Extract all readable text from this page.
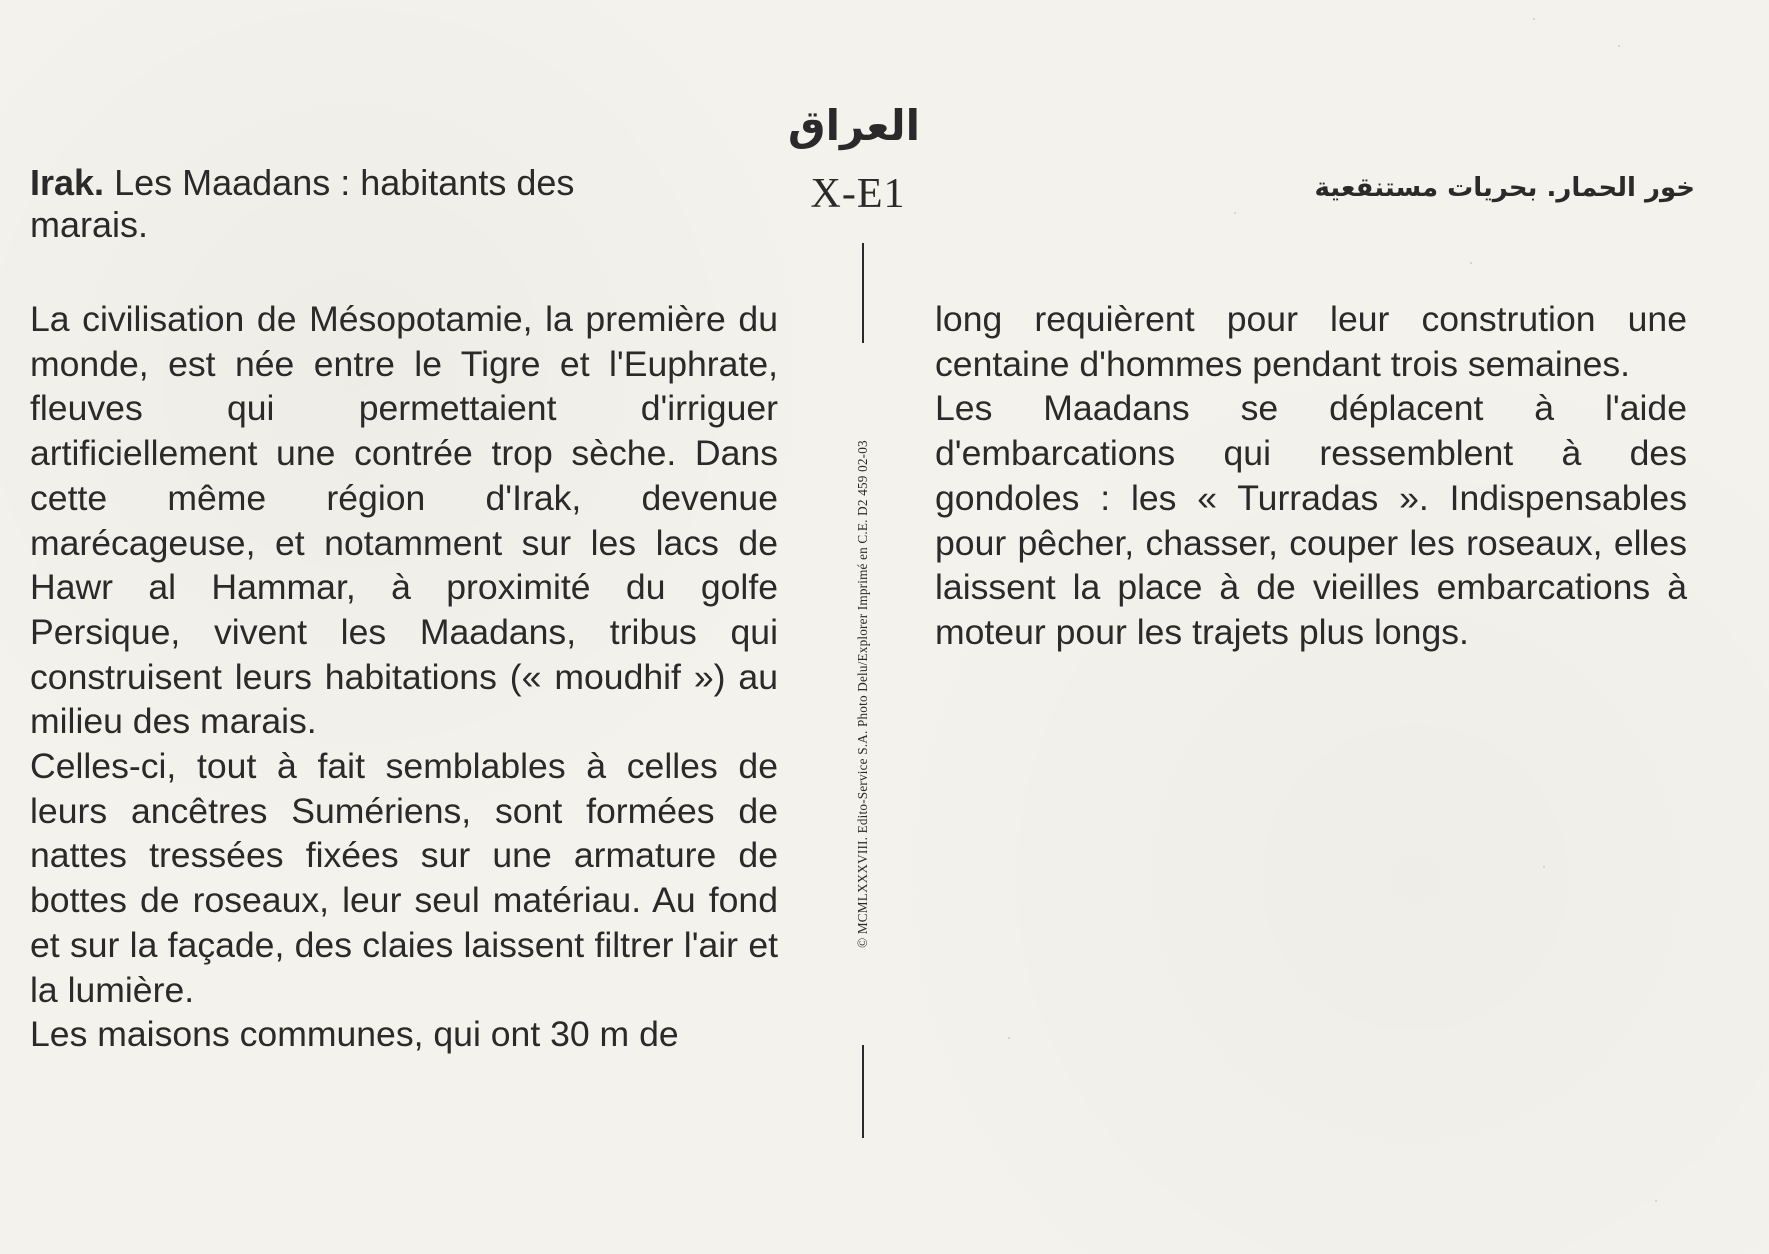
Irak. Les Maadans : habitants des marais.
العراق
X-E1	خور الحمار. بحريات مستنقعية

La civilisation de Mésopotamie, la première du monde, est née entre le Tigre et l'Euphrate, fleuves qui permettaient d'irriguer artificiellement une contrée trop sèche. Dans cette même région d'Irak, devenue marécageuse, et notamment sur les lacs de Hawr al Hammar, à proximité du golfe Persique, vivent les Maadans, tribus qui construisent leurs habitations (« moudhif ») au milieu des marais.

Celles-ci, tout à fait semblables à celles de leurs ancêtres Sumériens, sont formées de nattes tressées fixées sur une armature de bottes de roseaux, leur seul matériau. Au fond et sur la façade, des claies laissent filtrer l'air et la lumière.

Les maisons communes, qui ont 30 m de

© MCMLXXXVIII. Edito-Service S.A. Photo Delu/Explorer Imprimé en C.E. D2 459 02-03

long requièrent pour leur constrution une centaine d'hommes pendant trois semaines.

Les Maadans se déplacent à l'aide d'embarcations qui ressemblent à des gondoles : les « Turradas ». Indispensables pour pêcher, chasser, couper les roseaux, elles laissent la place à de vieilles embarcations à moteur pour les trajets plus longs.
